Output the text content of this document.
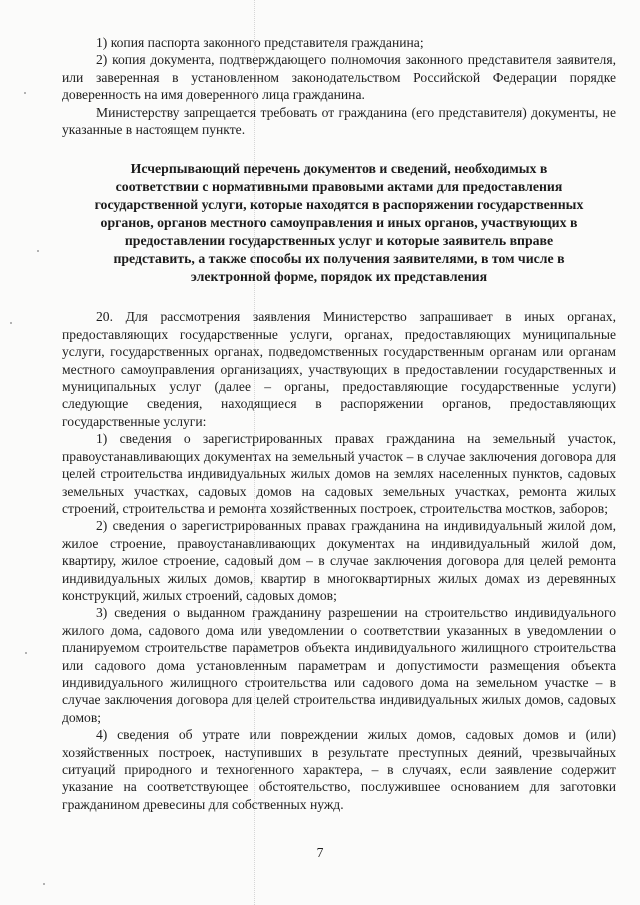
1) копия паспорта законного представителя гражданина;

2) копия документа, подтверждающего полномочия законного представителя заявителя, или заверенная в установленном законодательством Российской Федерации порядке доверенность на имя доверенного лица гражданина.

Министерству запрещается требовать от гражданина (его представителя) документы, не указанные в настоящем пункте.

Исчерпывающий перечень документов и сведений, необходимых в
соответствии с нормативными правовыми актами для предоставления
государственной услуги, которые находятся в распоряжении государственных
органов, органов местного самоуправления и иных органов, участвующих в
предоставлении государственных услуг и которые заявитель вправе
представить, а также способы их получения заявителями, в том числе в
электронной форме, порядок их представления

20. Для рассмотрения заявления Министерство запрашивает в иных органах, предоставляющих государственные услуги, органах, предоставляющих муниципальные услуги, государственных органах, подведомственных государственным органам или органам местного самоуправления организациях, участвующих в предоставлении государственных и муниципальных услуг (далее – органы, предоставляющие государственные услуги) следующие сведения, находящиеся в распоряжении органов, предоставляющих государственные услуги:

1) сведения о зарегистрированных правах гражданина на земельный участок, правоустанавливающих документах на земельный участок – в случае заключения договора для целей строительства индивидуальных жилых домов на землях населенных пунктов, садовых земельных участках, садовых домов на садовых земельных участках, ремонта жилых строений, строительства и ремонта хозяйственных построек, строительства мостков, заборов;

2) сведения о зарегистрированных правах гражданина на индивидуальный жилой дом, жилое строение, правоустанавливающих документах на индивидуальный жилой дом, квартиру, жилое строение, садовый дом – в случае заключения договора для целей ремонта индивидуальных жилых домов, квартир в многоквартирных жилых домах из деревянных конструкций, жилых строений, садовых домов;

3) сведения о выданном гражданину разрешении на строительство индивидуального жилого дома, садового дома или уведомлении о соответствии указанных в уведомлении о планируемом строительстве параметров объекта индивидуального жилищного строительства или садового дома установленным параметрам и допустимости размещения объекта индивидуального жилищного строительства или садового дома на земельном участке – в случае заключения договора для целей строительства индивидуальных жилых домов, садовых домов;

4) сведения об утрате или повреждении жилых домов, садовых домов и (или) хозяйственных построек, наступивших в результате преступных деяний, чрезвычайных ситуаций природного и техногенного характера, – в случаях, если заявление содержит указание на соответствующее обстоятельство, послужившее основанием для заготовки гражданином древесины для собственных нужд.

7
